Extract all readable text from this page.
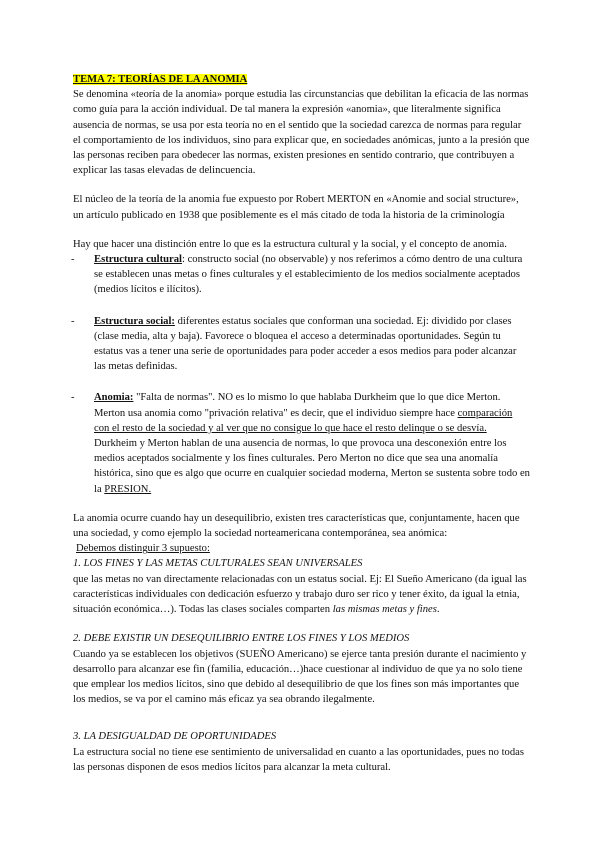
TEMA 7: TEORÍAS DE LA ANOMIA

Se denomina «teoría de la anomia» porque estudia las circunstancias que debilitan la eficacia de las normas como guía para la acción individual. De tal manera la expresión «anomia», que literalmente significa ausencia de normas, se usa por esta teoría no en el sentido que la sociedad carezca de normas para regular el comportamiento de los individuos, sino para explicar que, en sociedades anómicas, junto a la presión que las personas reciben para obedecer las normas, existen presiones en sentido contrario, que contribuyen a explicar las tasas elevadas de delincuencia.

El núcleo de la teoría de la anomia fue expuesto por Robert MERTON en «Anomie and social structure», un artículo publicado en 1938 que posiblemente es el más citado de toda la historia de la criminología

Hay que hacer una distinción entre lo que es la estructura cultural y la social, y el concepto de anomia.

- Estructura cultural: constructo social (no observable) y nos referimos a cómo dentro de una cultura se establecen unas metas o fines culturales y el establecimiento de los medios socialmente aceptados (medios lícitos e ilícitos).
- Estructura social: diferentes estatus sociales que conforman una sociedad. Ej: dividido por clases (clase media, alta y baja). Favorece o bloquea el acceso a determinadas oportunidades. Según tu estatus vas a tener una serie de oportunidades para poder acceder a esos medios para poder alcanzar las metas definidas.
- Anomia: "Falta de normas". NO es lo mismo lo que hablaba Durkheim que lo que dice Merton. Merton usa anomia como "privación relativa" es decir, que el individuo siempre hace comparación con el resto de la sociedad y al ver que no consigue lo que hace el resto delinque o se desvía. Durkheim y Merton hablan de una ausencia de normas, lo que provoca una desconexión entre los medios aceptados socialmente y los fines culturales. Pero Merton no dice que sea una anomalía histórica, sino que es algo que ocurre en cualquier sociedad moderna, Merton se sustenta sobre todo en la PRESION.

La anomia ocurre cuando hay un desequilibrio, existen tres características que, conjuntamente, hacen que una sociedad, y como ejemplo la sociedad norteamericana contemporánea, sea anómica:

Debemos distinguir 3 supuesto:

1. LOS FINES Y LAS METAS CULTURALES SEAN UNIVERSALES

que las metas no van directamente relacionadas con un estatus social. Ej: El Sueño Americano (da igual las características individuales con dedicación esfuerzo y trabajo duro ser rico y tener éxito, da igual la etnia, situación económica…). Todas las clases sociales comparten las mismas metas y fines.

2. DEBE EXISTIR UN DESEQUILIBRIO ENTRE LOS FINES Y LOS MEDIOS

Cuando ya se establecen los objetivos (SUEÑO Americano) se ejerce tanta presión durante el nacimiento y desarrollo para alcanzar ese fin (familia, educación…)hace cuestionar al individuo de que ya no solo tiene que emplear los medios lícitos, sino que debido al desequilibrio de que los fines son más importantes que los medios, se va por el camino más eficaz ya sea obrando ilegalmente.

3. LA DESIGUALDAD DE OPORTUNIDADES

La estructura social no tiene ese sentimiento de universalidad en cuanto a las oportunidades, pues no todas las personas disponen de esos medios lícitos para alcanzar la meta cultural.
